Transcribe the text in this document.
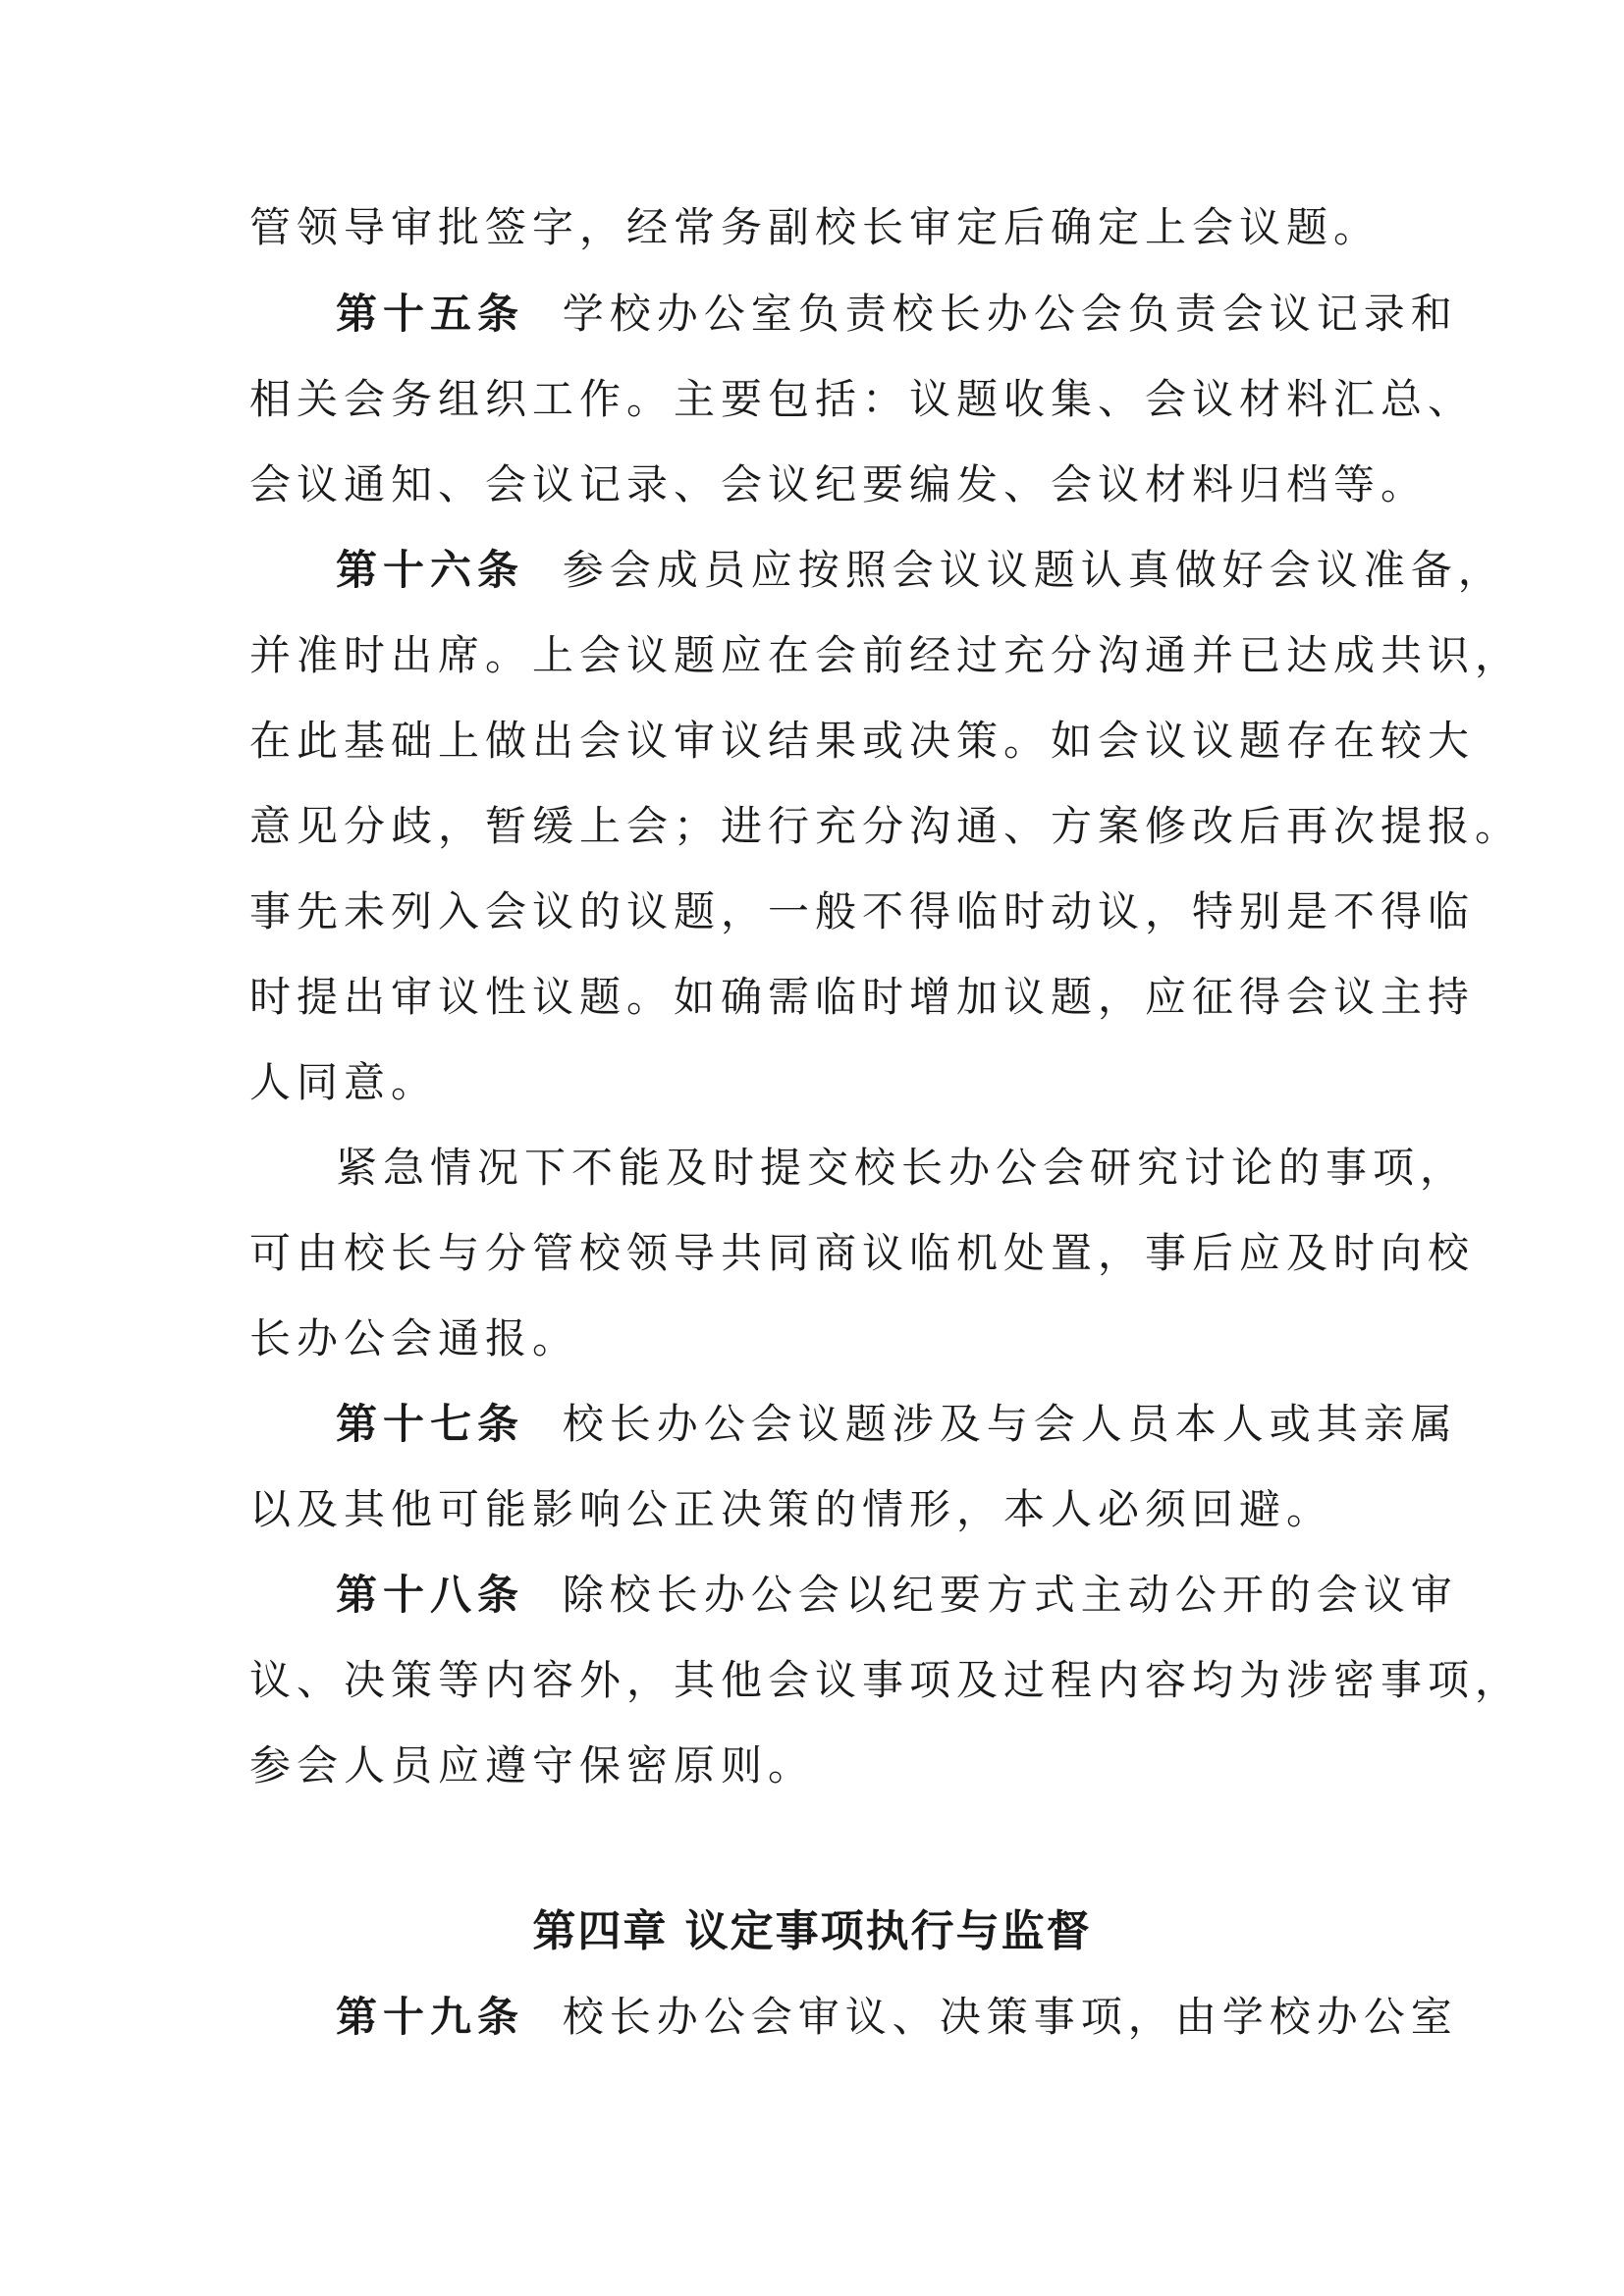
管领导审批签字，经常务副校长审定后确定上会议题。
第十五条 学校办公室负责校长办公会负责会议记录和
相关会务组织工作。主要包括：议题收集、会议材料汇总、
会议通知、会议记录、会议纪要编发、会议材料归档等。
第十六条 参会成员应按照会议议题认真做好会议准备，
并准时出席。上会议题应在会前经过充分沟通并已达成共识，
在此基础上做出会议审议结果或决策。如会议议题存在较大
意见分歧，暂缓上会；进行充分沟通、方案修改后再次提报。
事先未列入会议的议题，一般不得临时动议，特别是不得临
时提出审议性议题。如确需临时增加议题，应征得会议主持
人同意。
紧急情况下不能及时提交校长办公会研究讨论的事项，
可由校长与分管校领导共同商议临机处置，事后应及时向校
长办公会通报。
第十七条 校长办公会议题涉及与会人员本人或其亲属
以及其他可能影响公正决策的情形，本人必须回避。
第十八条 除校长办公会以纪要方式主动公开的会议审
议、决策等内容外，其他会议事项及过程内容均为涉密事项，
参会人员应遵守保密原则。
第四章 议定事项执行与监督
第十九条 校长办公会审议、决策事项，由学校办公室
